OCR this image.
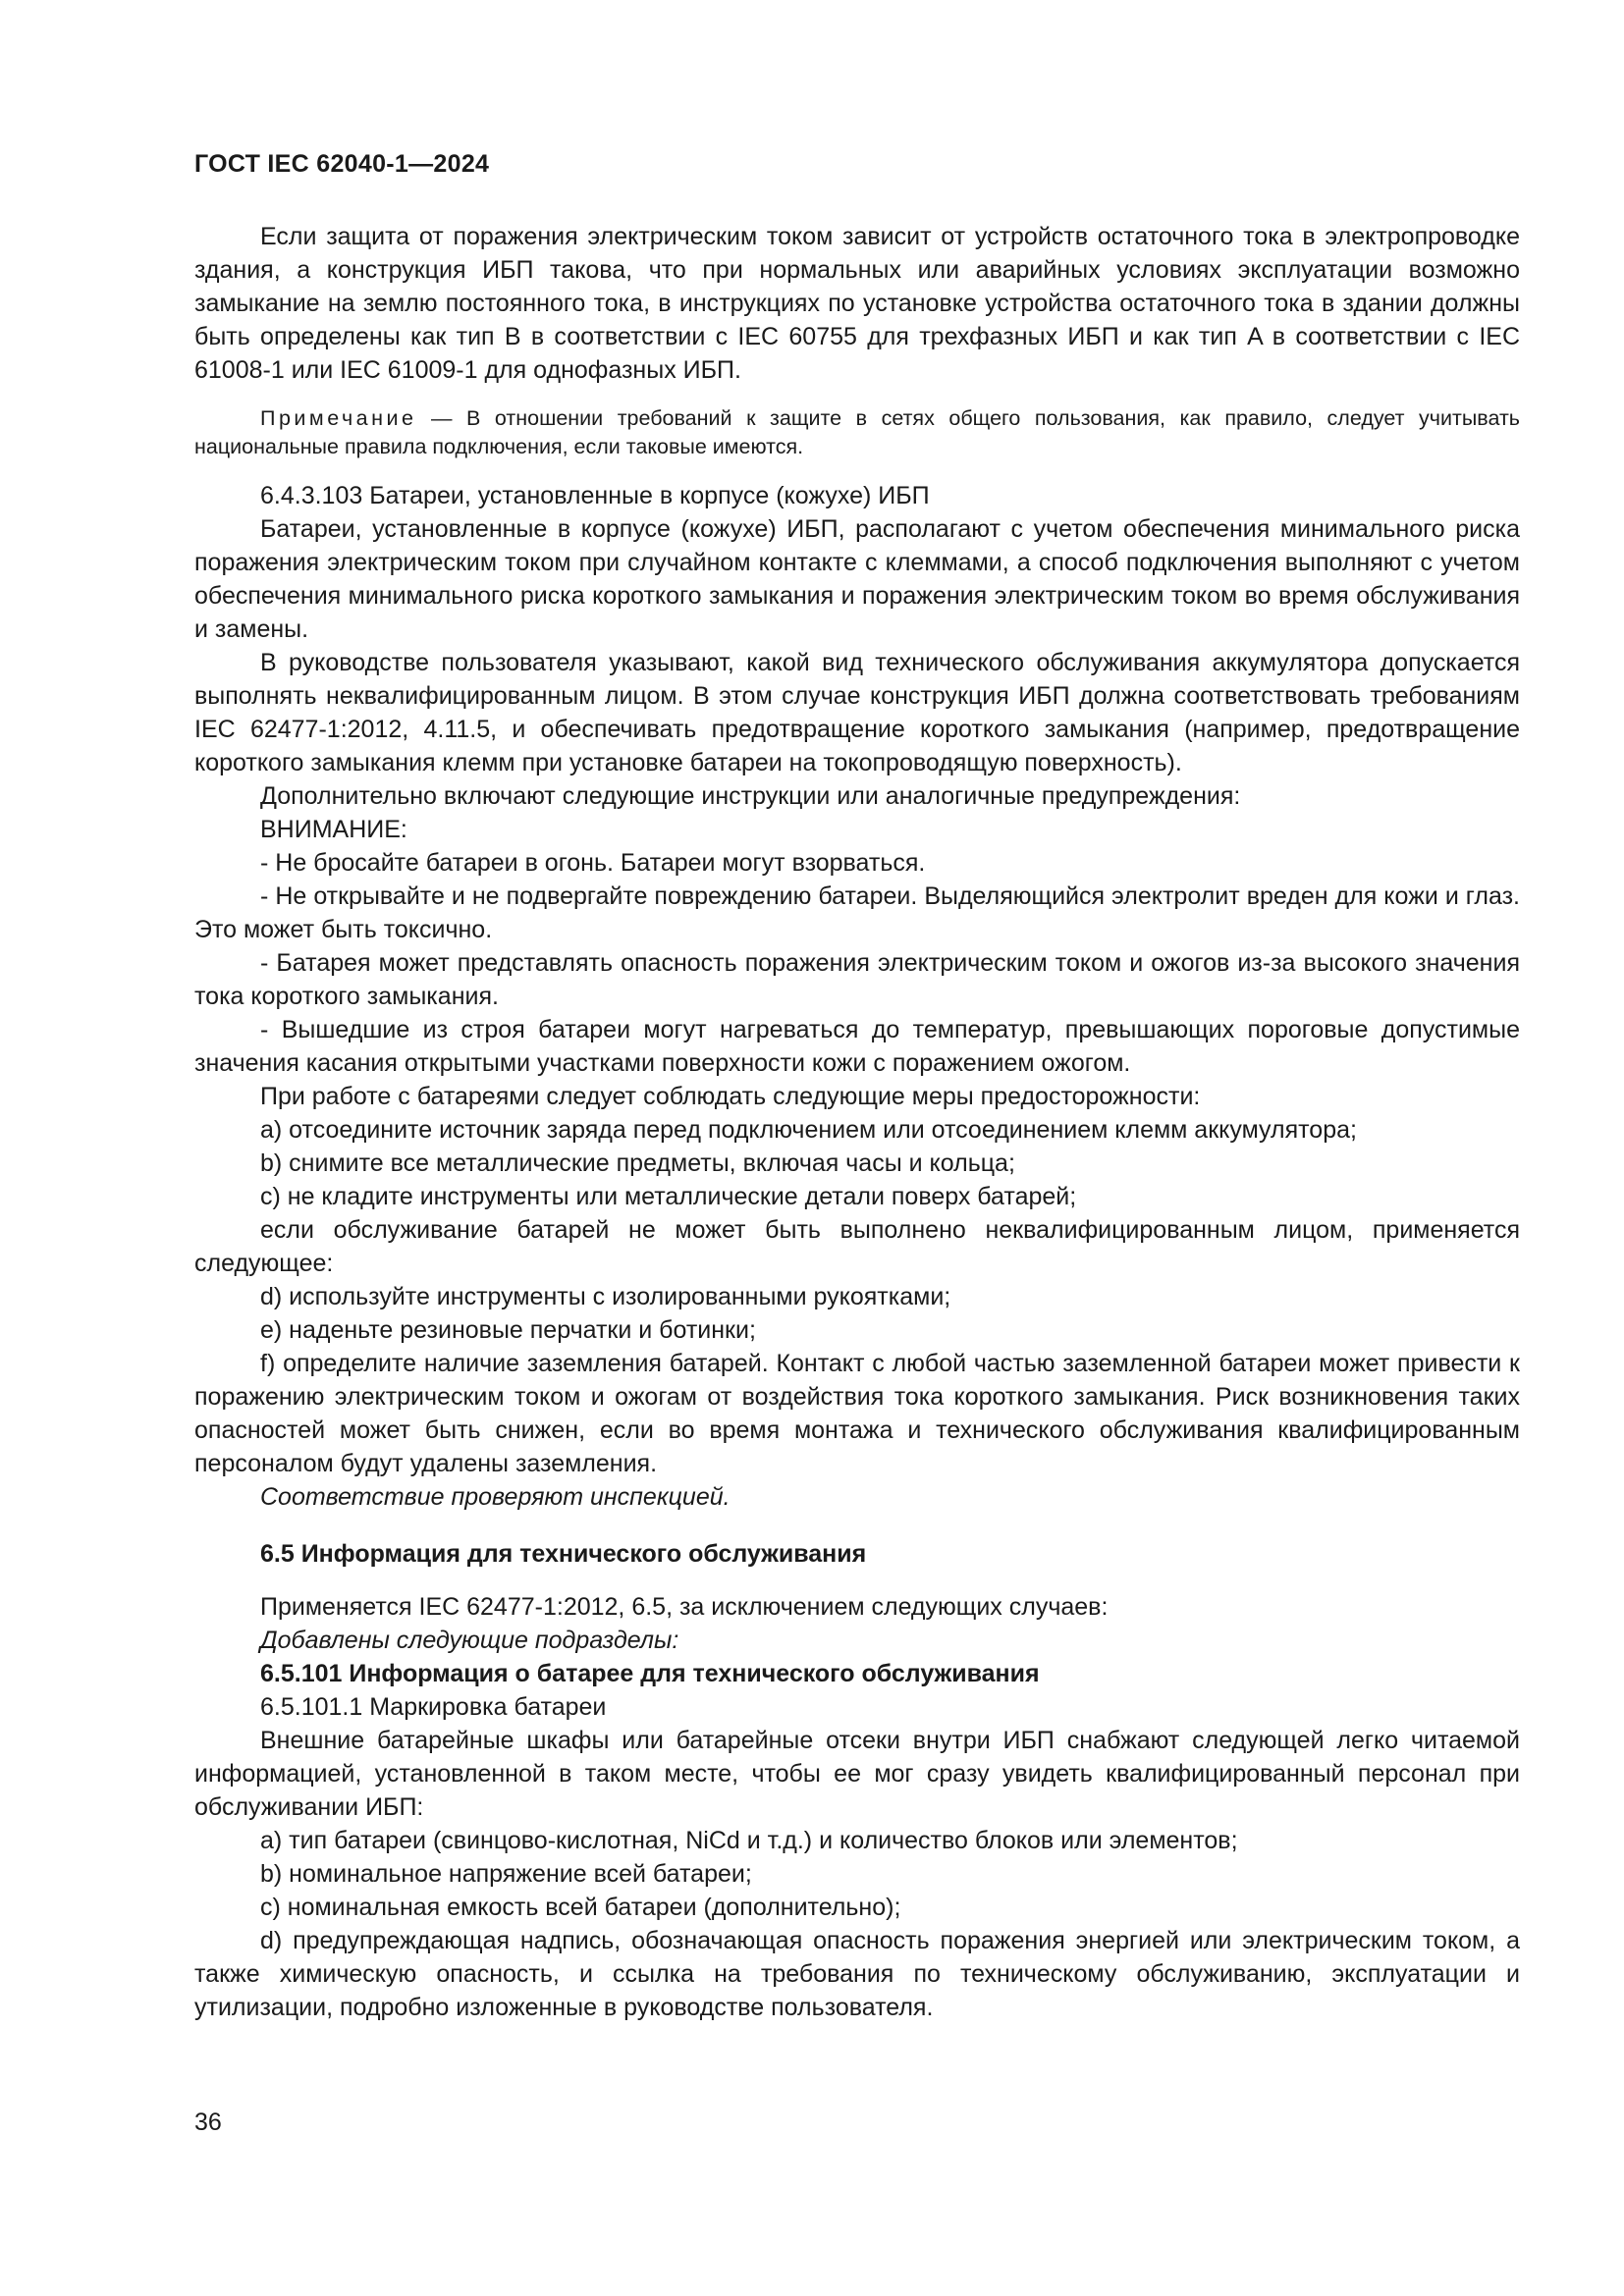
ГОСТ IEC 62040-1—2024

Если защита от поражения электрическим током зависит от устройств остаточного тока в электропроводке здания, а конструкция ИБП такова, что при нормальных или аварийных условиях эксплуатации возможно замыкание на землю постоянного тока, в инструкциях по установке устройства остаточного тока в здании должны быть определены как тип B в соответствии с IEC 60755 для трехфазных ИБП и как тип A в соответствии с IEC 61008-1 или IEC 61009-1 для однофазных ИБП.

Примечание — В отношении требований к защите в сетях общего пользования, как правило, следует учитывать национальные правила подключения, если таковые имеются.

6.4.3.103 Батареи, установленные в корпусе (кожухе) ИБП

Батареи, установленные в корпусе (кожухе) ИБП, располагают с учетом обеспечения минимального риска поражения электрическим током при случайном контакте с клеммами, а способ подключения выполняют с учетом обеспечения минимального риска короткого замыкания и поражения электрическим током во время обслуживания и замены.

В руководстве пользователя указывают, какой вид технического обслуживания аккумулятора допускается выполнять неквалифицированным лицом. В этом случае конструкция ИБП должна соответствовать требованиям IEC 62477-1:2012, 4.11.5, и обеспечивать предотвращение короткого замыкания (например, предотвращение короткого замыкания клемм при установке батареи на токопроводящую поверхность).

Дополнительно включают следующие инструкции или аналогичные предупреждения:

ВНИМАНИЕ:

- Не бросайте батареи в огонь. Батареи могут взорваться.

- Не открывайте и не подвергайте повреждению батареи. Выделяющийся электролит вреден для кожи и глаз. Это может быть токсично.

- Батарея может представлять опасность поражения электрическим током и ожогов из-за высокого значения тока короткого замыкания.

- Вышедшие из строя батареи могут нагреваться до температур, превышающих пороговые допустимые значения касания открытыми участками поверхности кожи с поражением ожогом.

При работе с батареями следует соблюдать следующие меры предосторожности:

a) отсоедините источник заряда перед подключением или отсоединением клемм аккумулятора;

b) снимите все металлические предметы, включая часы и кольца;

c) не кладите инструменты или металлические детали поверх батарей;

если обслуживание батарей не может быть выполнено неквалифицированным лицом, применяется следующее:

d) используйте инструменты с изолированными рукоятками;

e) наденьте резиновые перчатки и ботинки;

f) определите наличие заземления батарей. Контакт с любой частью заземленной батареи может привести к поражению электрическим током и ожогам от воздействия тока короткого замыкания. Риск возникновения таких опасностей может быть снижен, если во время монтажа и технического обслуживания квалифицированным персоналом будут удалены заземления.

Соответствие проверяют инспекцией.

6.5 Информация для технического обслуживания

Применяется IEC 62477-1:2012, 6.5, за исключением следующих случаев:

Добавлены следующие подразделы:

6.5.101 Информация о батарее для технического обслуживания

6.5.101.1 Маркировка батареи

Внешние батарейные шкафы или батарейные отсеки внутри ИБП снабжают следующей легко читаемой информацией, установленной в таком месте, чтобы ее мог сразу увидеть квалифицированный персонал при обслуживании ИБП:

a) тип батареи (свинцово-кислотная, NiCd и т.д.) и количество блоков или элементов;

b) номинальное напряжение всей батареи;

c) номинальная емкость всей батареи (дополнительно);

d) предупреждающая надпись, обозначающая опасность поражения энергией или электрическим током, а также химическую опасность, и ссылка на требования по техническому обслуживанию, эксплуатации и утилизации, подробно изложенные в руководстве пользователя.

36
